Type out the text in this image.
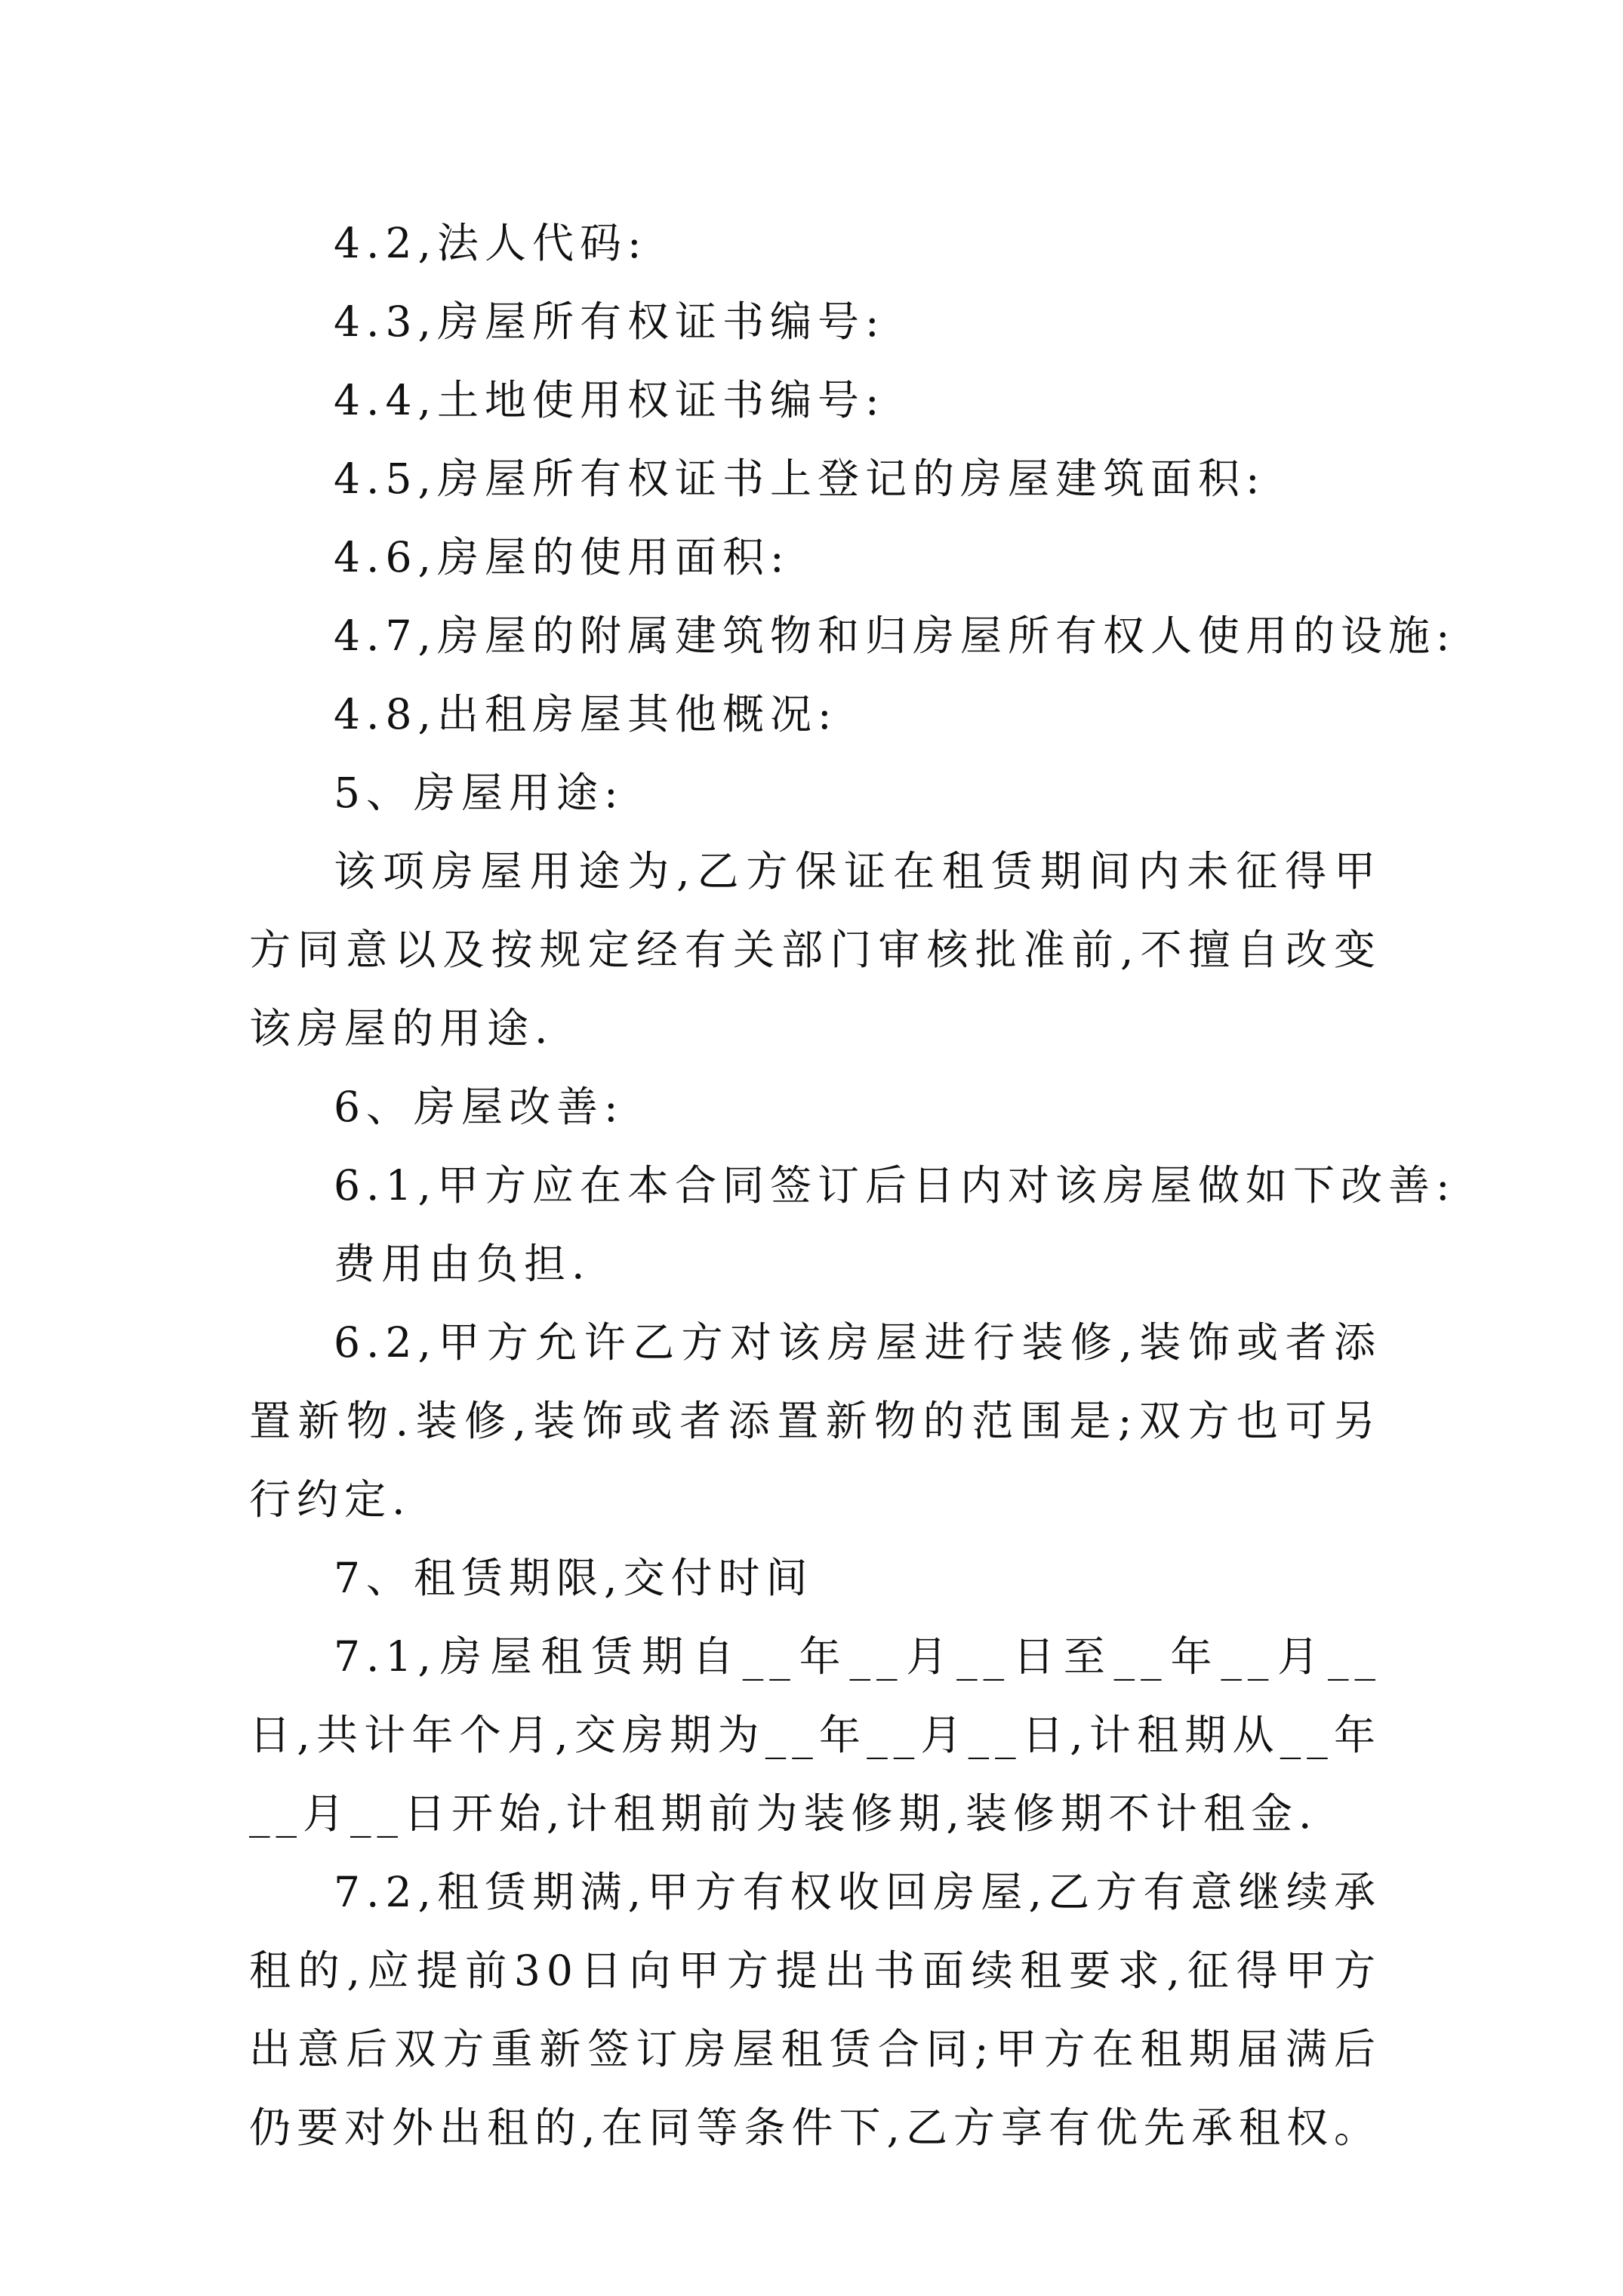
4.2,法人代码:
4.3,房屋所有权证书编号:
4.4,土地使用权证书编号:
4.5,房屋所有权证书上登记的房屋建筑面积:
4.6,房屋的使用面积:
4.7,房屋的附属建筑物和归房屋所有权人使用的设施:
4.8,出租房屋其他概况:
5、房屋用途:
该项房屋用途为,乙方保证在租赁期间内未征得甲方同意以及按规定经有关部门审核批准前,不擅自改变该房屋的用途.
6、房屋改善:
6.1,甲方应在本合同签订后日内对该房屋做如下改善:
费用由负担.
6.2,甲方允许乙方对该房屋进行装修,装饰或者添置新物.装修,装饰或者添置新物的范围是;双方也可另行约定.
7、租赁期限,交付时间
7.1,房屋租赁期自__年__月__日至__年__月__日,共计年个月,交房期为__年__月__日,计租期从__年__月__日开始,计租期前为装修期,装修期不计租金.
7.2,租赁期满,甲方有权收回房屋,乙方有意继续承租的,应提前30日向甲方提出书面续租要求,征得甲方出意后双方重新签订房屋租赁合同;甲方在租期届满后仍要对外出租的,在同等条件下,乙方享有优先承租权。
